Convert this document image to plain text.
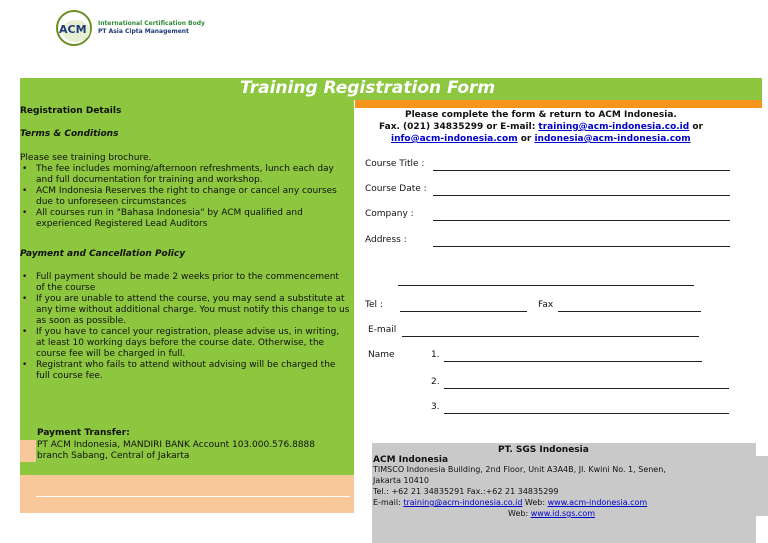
ACM International Certification Body
PT Asia Cipta Management
Training Registration Form
Registration Details
Terms & Conditions
Please see training brochure.
• The fee includes morning/afternoon refreshments, lunch each day and full documentation for training and workshop.
• ACM Indonesia Reserves the right to change or cancel any courses due to unforeseen circumstances
• All courses run in "Bahasa Indonesia" by ACM qualified and experienced Registered Lead Auditors
Payment and Cancellation Policy
• Full payment should be made 2 weeks prior to the commencement of the course
• If you are unable to attend the course, you may send a substitute at any time without additional charge. You must notify this change to us as soon as possible.
• If you have to cancel your registration, please advise us, in writing, at least 10 working days before the course date. Otherwise, the course fee will be charged in full.
• Registrant who fails to attend without advising will be charged the full course fee.
Payment Transfer:
PT ACM Indonesia, MANDIRI BANK Account 103.000.576.8888
branch Sabang, Central of Jakarta
Please complete the form & return to ACM Indonesia.
Fax. (021) 34835299 or E-mail: training@acm-indonesia.co.id or
info@acm-indonesia.com or indonesia@acm-indonesia.com
Course Title :
Course Date :
Company :
Address :
Tel :	Fax
E-mail
Name	1.
2.
3.
PT. SGS Indonesia
ACM Indonesia
TIMSCO Indonesia Building, 2nd Floor, Unit A3A4B, Jl. Kwini No. 1, Senen,
Jakarta 10410
Tel.: +62 21 34835291 Fax.:+62 21 34835299
E-mail: training@acm-indonesia.co.id Web: www.acm-indonesia.com
Web: www.id.sgs.com
